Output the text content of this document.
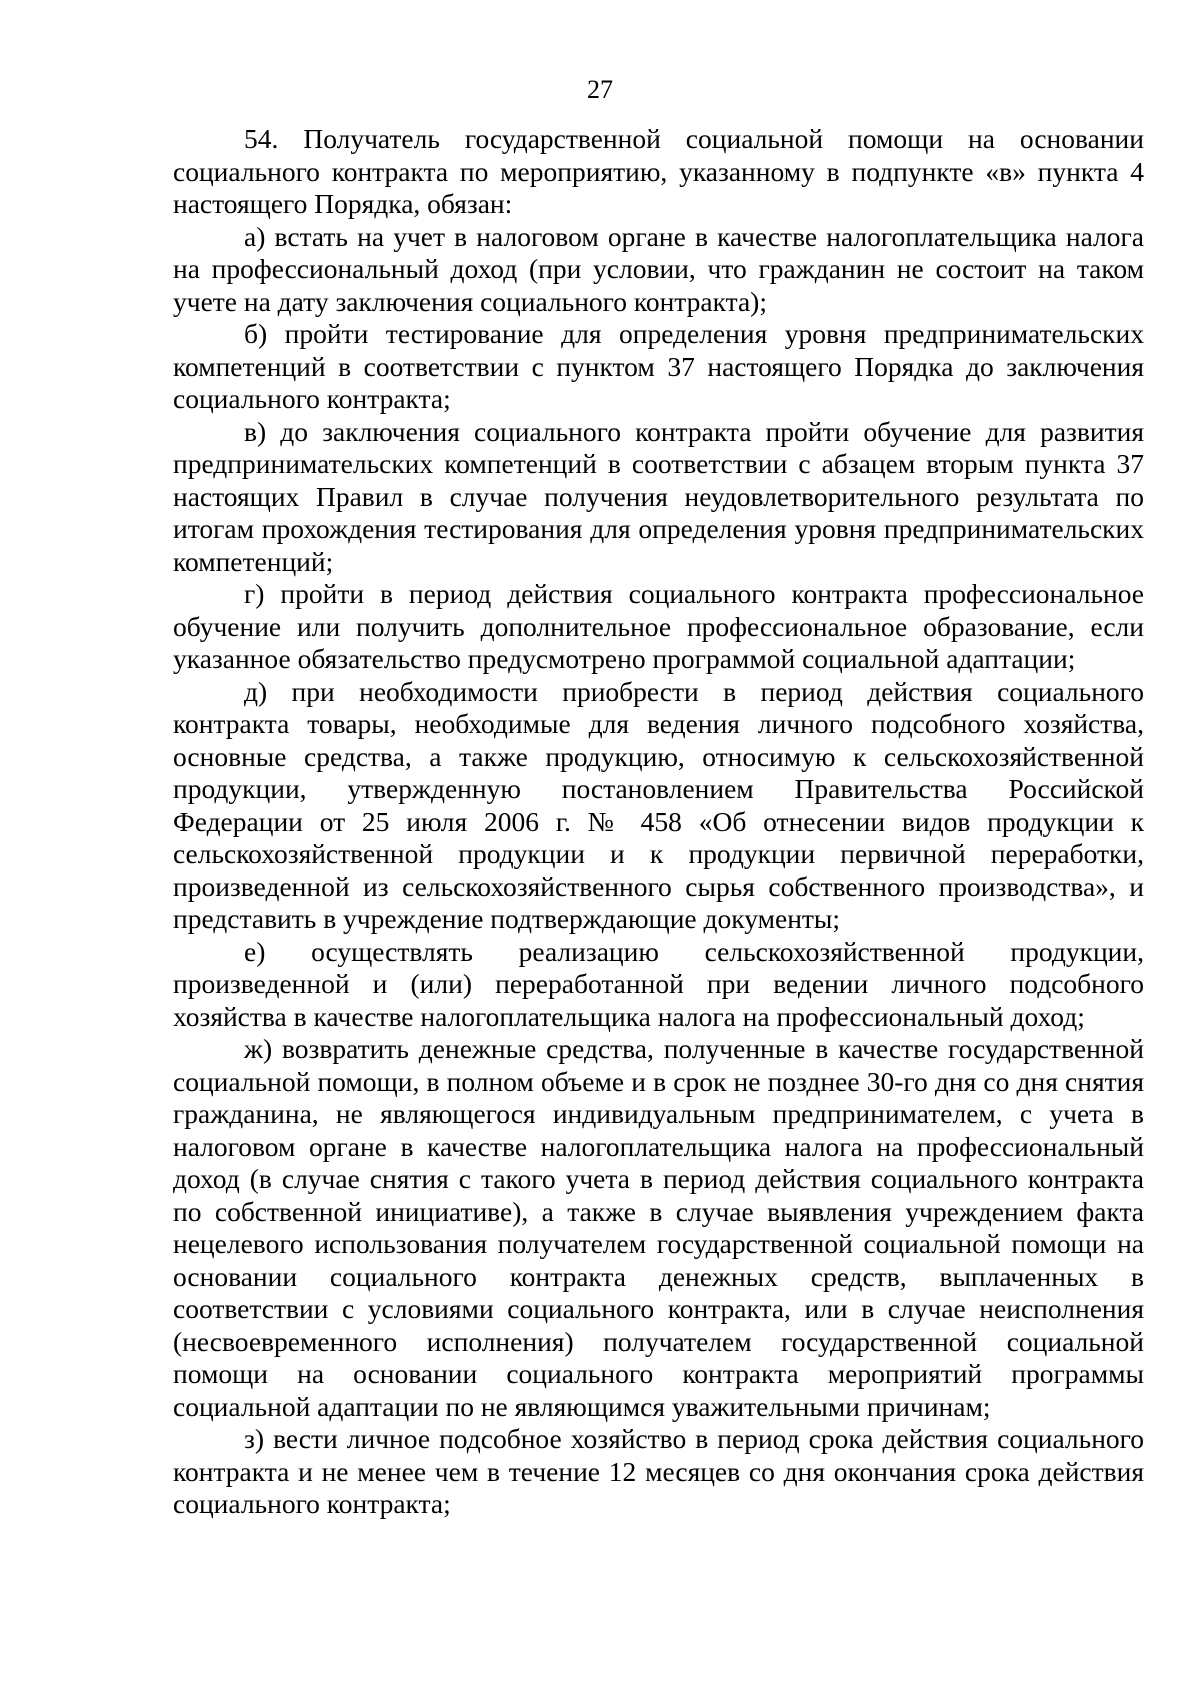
27

54. Получатель государственной социальной помощи на основании социального контракта по мероприятию, указанному в подпункте «в» пункта 4 настоящего Порядка, обязан:

а) встать на учет в налоговом органе в качестве налогоплательщика налога на профессиональный доход (при условии, что гражданин не состоит на таком учете на дату заключения социального контракта);

б) пройти тестирование для определения уровня предпринимательских компетенций в соответствии с пунктом 37 настоящего Порядка до заключения социального контракта;

в) до заключения социального контракта пройти обучение для развития предпринимательских компетенций в соответствии с абзацем вторым пункта 37 настоящих Правил в случае получения неудовлетворительного результата по итогам прохождения тестирования для определения уровня предпринимательских компетенций;

г) пройти в период действия социального контракта профессиональное обучение или получить дополнительное профессиональное образование, если указанное обязательство предусмотрено программой социальной адаптации;

д) при необходимости приобрести в период действия социального контракта товары, необходимые для ведения личного подсобного хозяйства, основные средства, а также продукцию, относимую к сельскохозяйственной продукции, утвержденную постановлением Правительства Российской Федерации от 25 июля 2006 г. № 458 «Об отнесении видов продукции к сельскохозяйственной продукции и к продукции первичной переработки, произведенной из сельскохозяйственного сырья собственного производства», и представить в учреждение подтверждающие документы;

е) осуществлять реализацию сельскохозяйственной продукции, произведенной и (или) переработанной при ведении личного подсобного хозяйства в качестве налогоплательщика налога на профессиональный доход;

ж) возвратить денежные средства, полученные в качестве государственной социальной помощи, в полном объеме и в срок не позднее 30-го дня со дня снятия гражданина, не являющегося индивидуальным предпринимателем, с учета в налоговом органе в качестве налогоплательщика налога на профессиональный доход (в случае снятия с такого учета в период действия социального контракта по собственной инициативе), а также в случае выявления учреждением факта нецелевого использования получателем государственной социальной помощи на основании социального контракта денежных средств, выплаченных в соответствии с условиями социального контракта, или в случае неисполнения (несвоевременного исполнения) получателем государственной социальной помощи на основании социального контракта мероприятий программы социальной адаптации по не являющимся уважительными причинам;

з) вести личное подсобное хозяйство в период срока действия социального контракта и не менее чем в течение 12 месяцев со дня окончания срока действия социального контракта;
